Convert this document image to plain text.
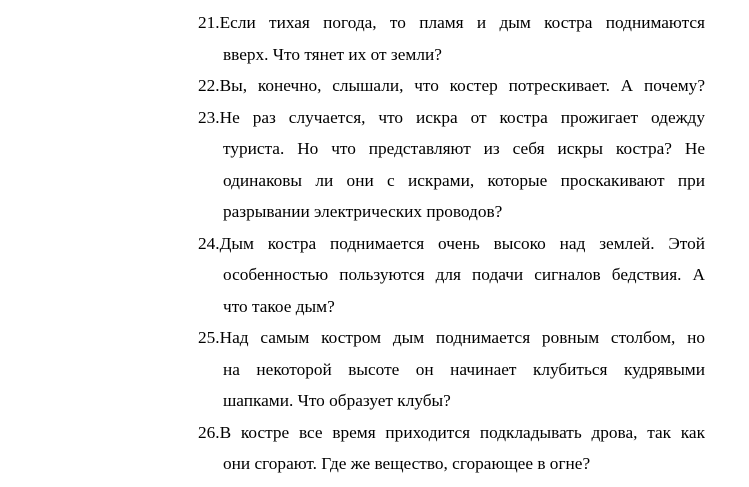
21.Если тихая погода, то пламя и дым костра поднимаются
вверх. Что тянет их от земли?
22.Вы, конечно, слышали, что костер потрескивает. А почему?
23.Не раз случается, что искра от костра прожигает одежду
туриста. Но что представляют из себя искры костра? Не
одинаковы ли они с искрами, которые проскакивают при
разрывании электрических проводов?
24.Дым костра поднимается очень высоко над землей. Этой
особенностью пользуются для подачи сигналов бедствия. А
что такое дым?
25.Над самым костром дым поднимается ровным столбом, но
на некоторой высоте он начинает клубиться кудрявыми
шапками. Что образует клубы?
26.В костре все время приходится подкладывать дрова, так как
они сгорают. Где же вещество, сгорающее в огне?
